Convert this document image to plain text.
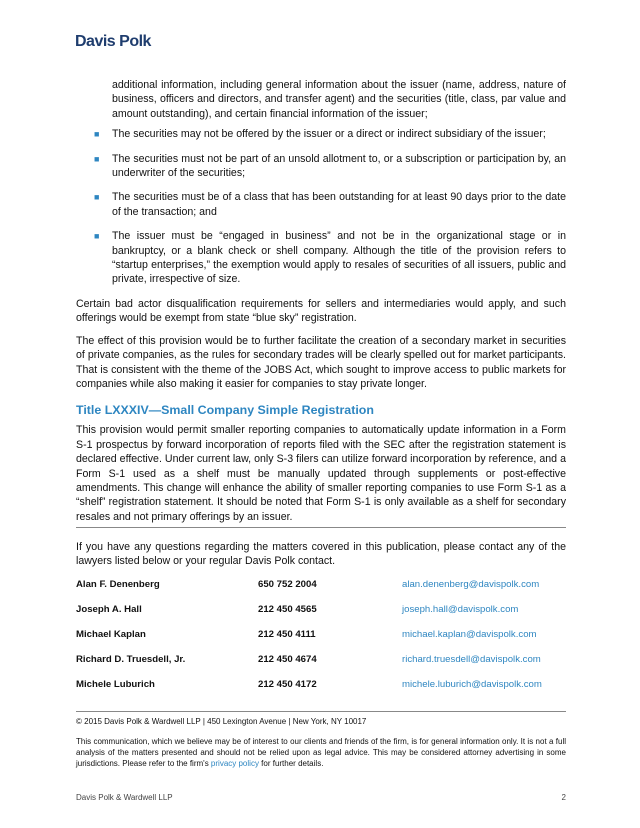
Davis Polk

additional information, including general information about the issuer (name, address, nature of business, officers and directors, and transfer agent) and the securities (title, class, par value and amount outstanding), and certain financial information of the issuer;

■ The securities may not be offered by the issuer or a direct or indirect subsidiary of the issuer;
■ The securities must not be part of an unsold allotment to, or a subscription or participation by, an underwriter of the securities;
■ The securities must be of a class that has been outstanding for at least 90 days prior to the date of the transaction; and
■ The issuer must be “engaged in business” and not be in the organizational stage or in bankruptcy, or a blank check or shell company. Although the title of the provision refers to “startup enterprises,” the exemption would apply to resales of securities of all issuers, public and private, irrespective of size.

Certain bad actor disqualification requirements for sellers and intermediaries would apply, and such offerings would be exempt from state “blue sky” registration.

The effect of this provision would be to further facilitate the creation of a secondary market in securities of private companies, as the rules for secondary trades will be clearly spelled out for market participants. That is consistent with the theme of the JOBS Act, which sought to improve access to public markets for companies while also making it easier for companies to stay private longer.

Title LXXXIV—Small Company Simple Registration

This provision would permit smaller reporting companies to automatically update information in a Form S-1 prospectus by forward incorporation of reports filed with the SEC after the registration statement is declared effective. Under current law, only S-3 filers can utilize forward incorporation by reference, and a Form S-1 used as a shelf must be manually updated through supplements or post-effective amendments. This change will enhance the ability of smaller reporting companies to use Form S-1 as a “shelf” registration statement. It should be noted that Form S-1 is only available as a shelf for secondary resales and not primary offerings by an issuer.

If you have any questions regarding the matters covered in this publication, please contact any of the lawyers listed below or your regular Davis Polk contact.

Alan F. Denenberg	650 752 2004	alan.denenberg@davispolk.com
Joseph A. Hall	212 450 4565	joseph.hall@davispolk.com
Michael Kaplan	212 450 4111	michael.kaplan@davispolk.com
Richard D. Truesdell, Jr.	212 450 4674	richard.truesdell@davispolk.com
Michele Luburich	212 450 4172	michele.luburich@davispolk.com
© 2015 Davis Polk & Wardwell LLP | 450 Lexington Avenue | New York, NY 10017
This communication, which we believe may be of interest to our clients and friends of the firm, is for general information only. It is not a full analysis of the matters presented and should not be relied upon as legal advice. This may be considered attorney advertising in some jurisdictions. Please refer to the firm's privacy policy for further details.
Davis Polk & Wardwell LLP	2
